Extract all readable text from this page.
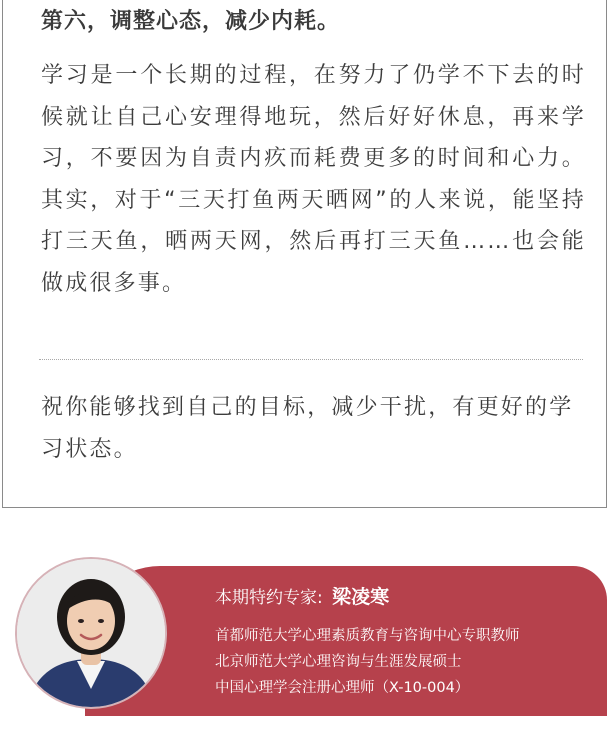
第六，调整心态，减少内耗。

学习是一个长期的过程，在努力了仍学不下去的时候就让自己心安理得地玩，然后好好休息，再来学习，不要因为自责内疚而耗费更多的时间和心力。其实，对于“三天打鱼两天晒网”的人来说，能坚持打三天鱼，晒两天网，然后再打三天鱼……也会能做成很多事。

祝你能够找到自己的目标，减少干扰，有更好的学习状态。

本期特约专家: 梁凌寒

首都师范大学心理素质教育与咨询中心专职教师

北京师范大学心理咨询与生涯发展硕士

中国心理学会注册心理师（X-10-004）
